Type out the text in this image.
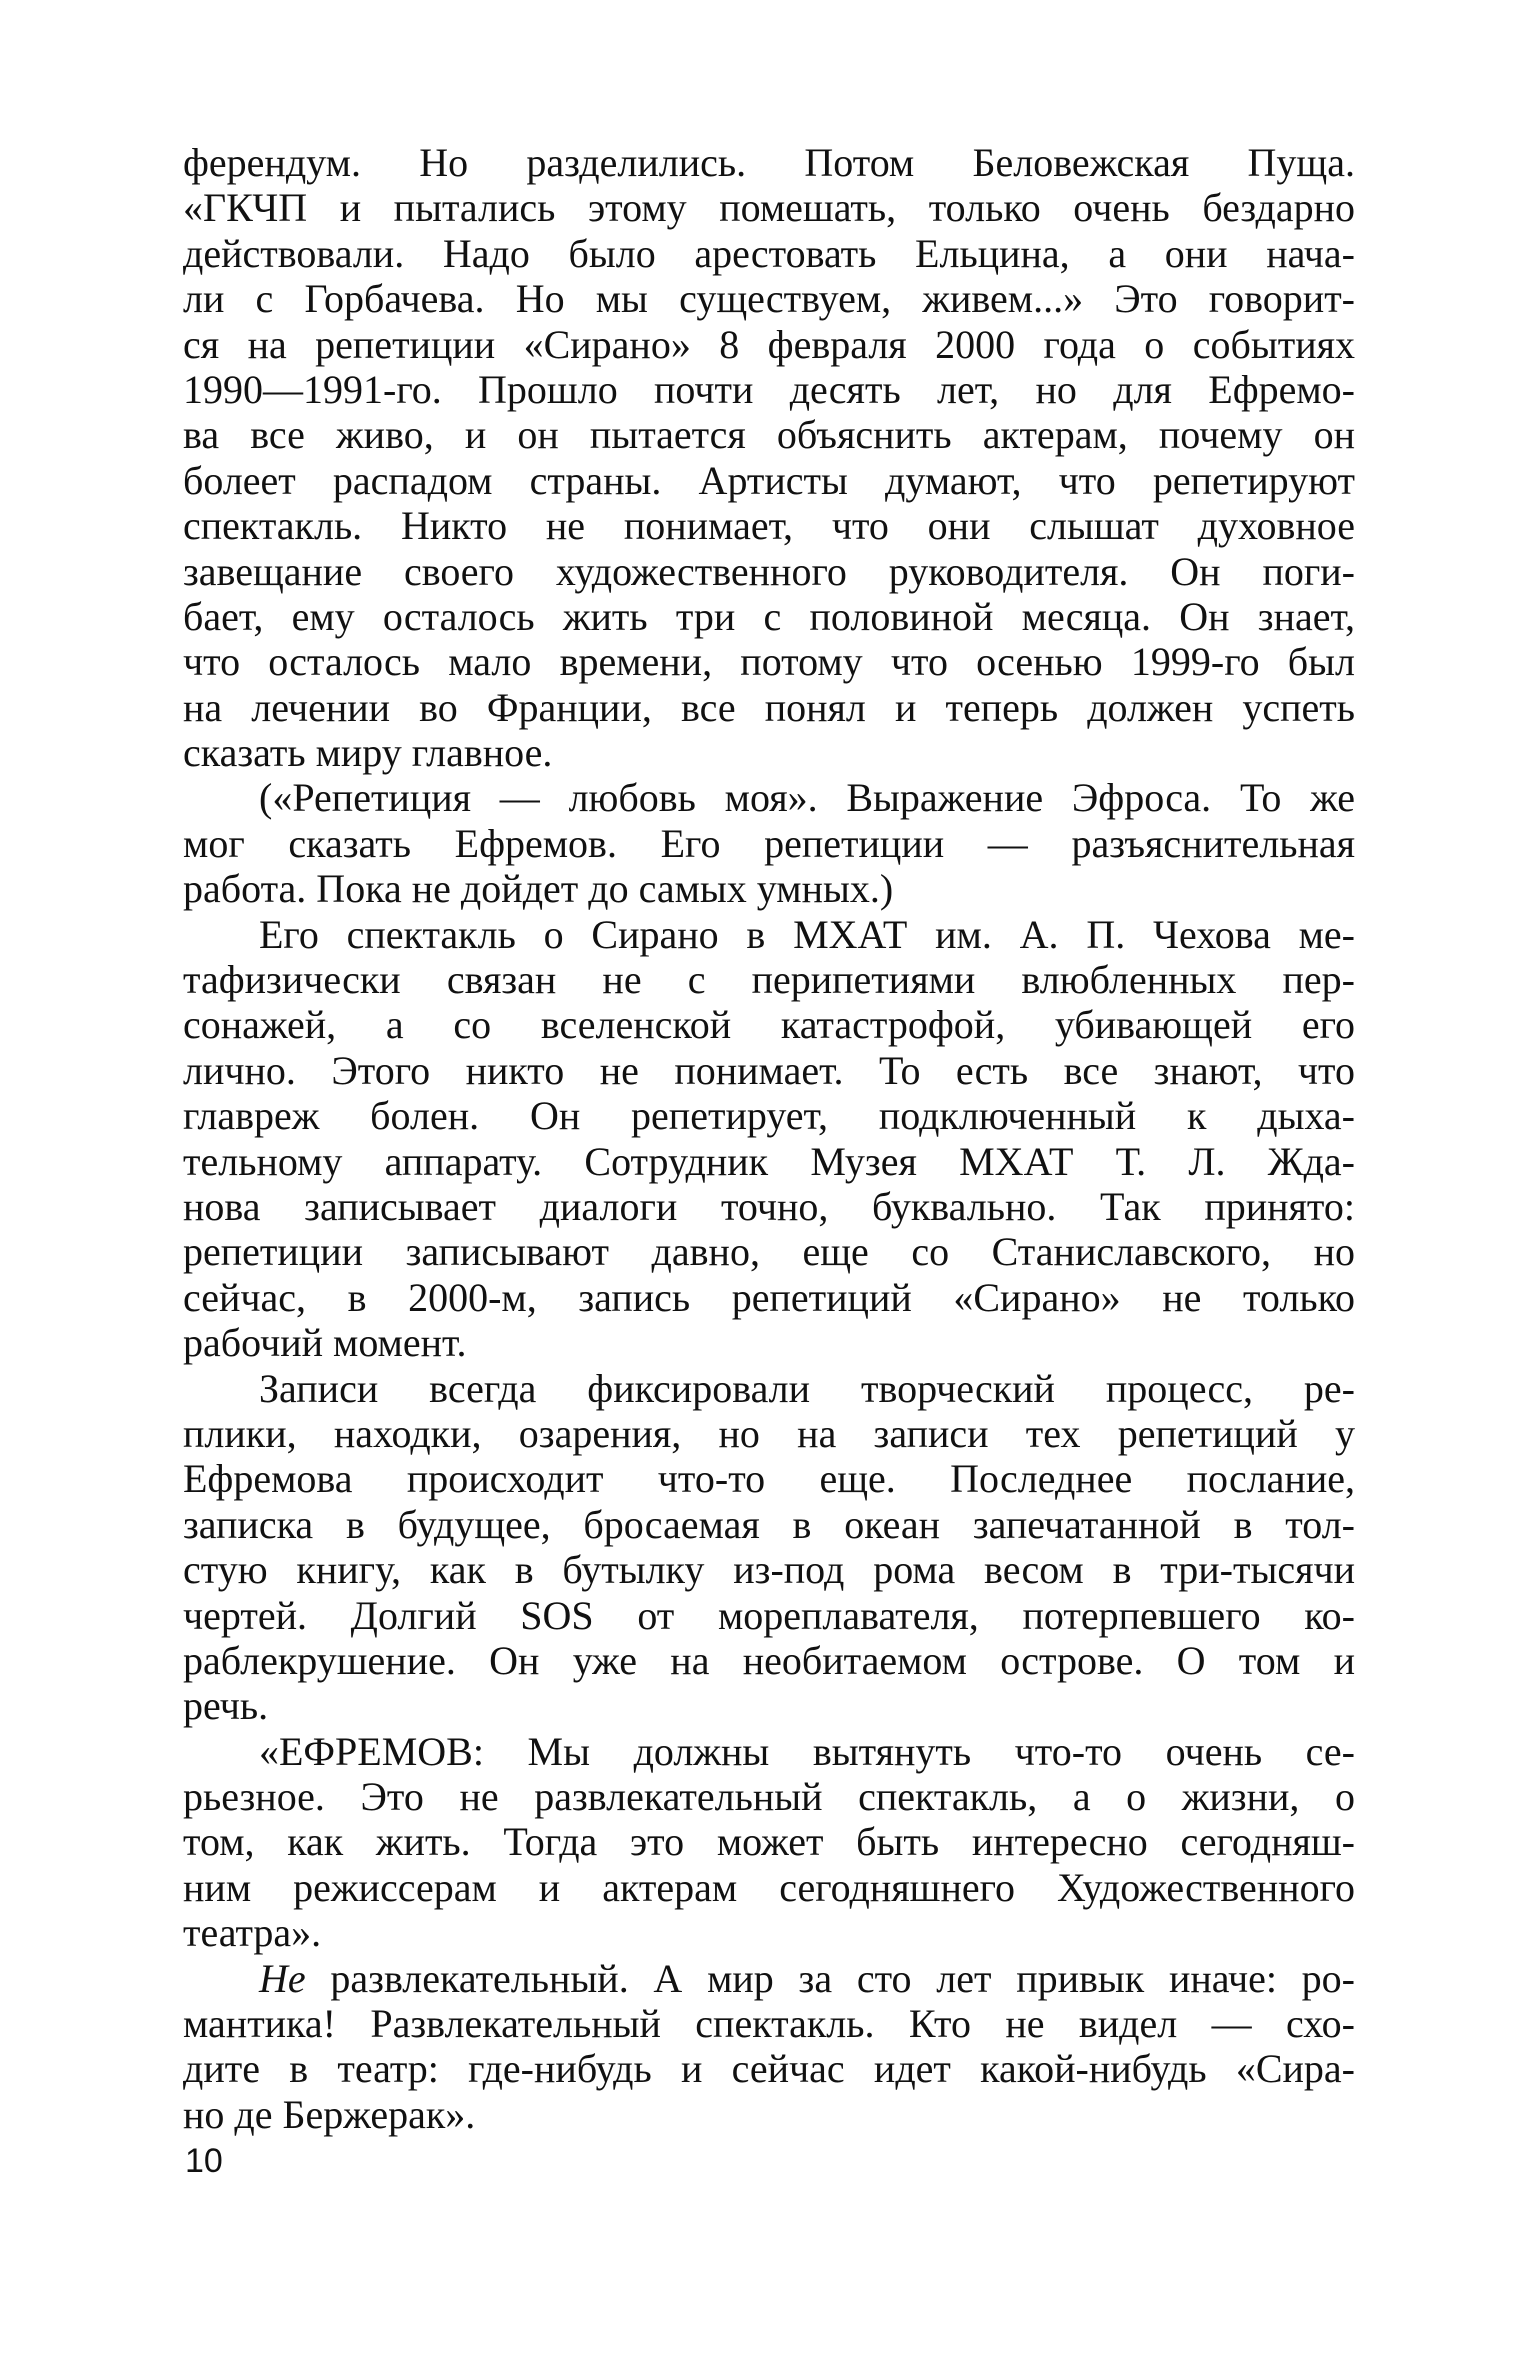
ферендум. Но разделились. Потом Беловежская Пуща.
«ГКЧП и пытались этому помешать, только очень бездарно
действовали. Надо было арестовать Ельцина, а они нача-
ли с Горбачева. Но мы существуем, живем...» Это говорит-
ся на репетиции «Сирано» 8 февраля 2000 года о событиях
1990—1991-го. Прошло почти десять лет, но для Ефремо-
ва все живо, и он пытается объяснить актерам, почему он
болеет распадом страны. Артисты думают, что репетируют
спектакль. Никто не понимает, что они слышат духовное
завещание своего художественного руководителя. Он поги-
бает, ему осталось жить три с половиной месяца. Он знает,
что осталось мало времени, потому что осенью 1999-го был
на лечении во Франции, все понял и теперь должен успеть
сказать миру главное.
(«Репетиция — любовь моя». Выражение Эфроса. То же
мог сказать Ефремов. Его репетиции — разъяснительная
работа. Пока не дойдет до самых умных.)
Его спектакль о Сирано в МХАТ им. А. П. Чехова ме-
тафизически связан не с перипетиями влюбленных пер-
сонажей, а со вселенской катастрофой, убивающей его
лично. Этого никто не понимает. То есть все знают, что
главреж болен. Он репетирует, подключенный к дыха-
тельному аппарату. Сотрудник Музея МХАТ Т. Л. Жда-
нова записывает диалоги точно, буквально. Так принято:
репетиции записывают давно, еще со Станиславского, но
сейчас, в 2000-м, запись репетиций «Сирано» не только
рабочий момент.
Записи всегда фиксировали творческий процесс, ре-
плики, находки, озарения, но на записи тех репетиций у
Ефремова происходит что-то еще. Последнее послание,
записка в будущее, бросаемая в океан запечатанной в тол-
стую книгу, как в бутылку из-под рома весом в три-тысячи
чертей. Долгий SOS от мореплавателя, потерпевшего ко-
раблекрушение. Он уже на необитаемом острове. О том и
речь.
«ЕФРЕМОВ: Мы должны вытянуть что-то очень се-
рьезное. Это не развлекательный спектакль, а о жизни, о
том, как жить. Тогда это может быть интересно сегодняш-
ним режиссерам и актерам сегодняшнего Художественного
театра».
Не развлекательный. А мир за сто лет привык иначе: ро-
мантика! Развлекательный спектакль. Кто не видел — схо-
дите в театр: где-нибудь и сейчас идет какой-нибудь «Сира-
но де Бержерак».
10
